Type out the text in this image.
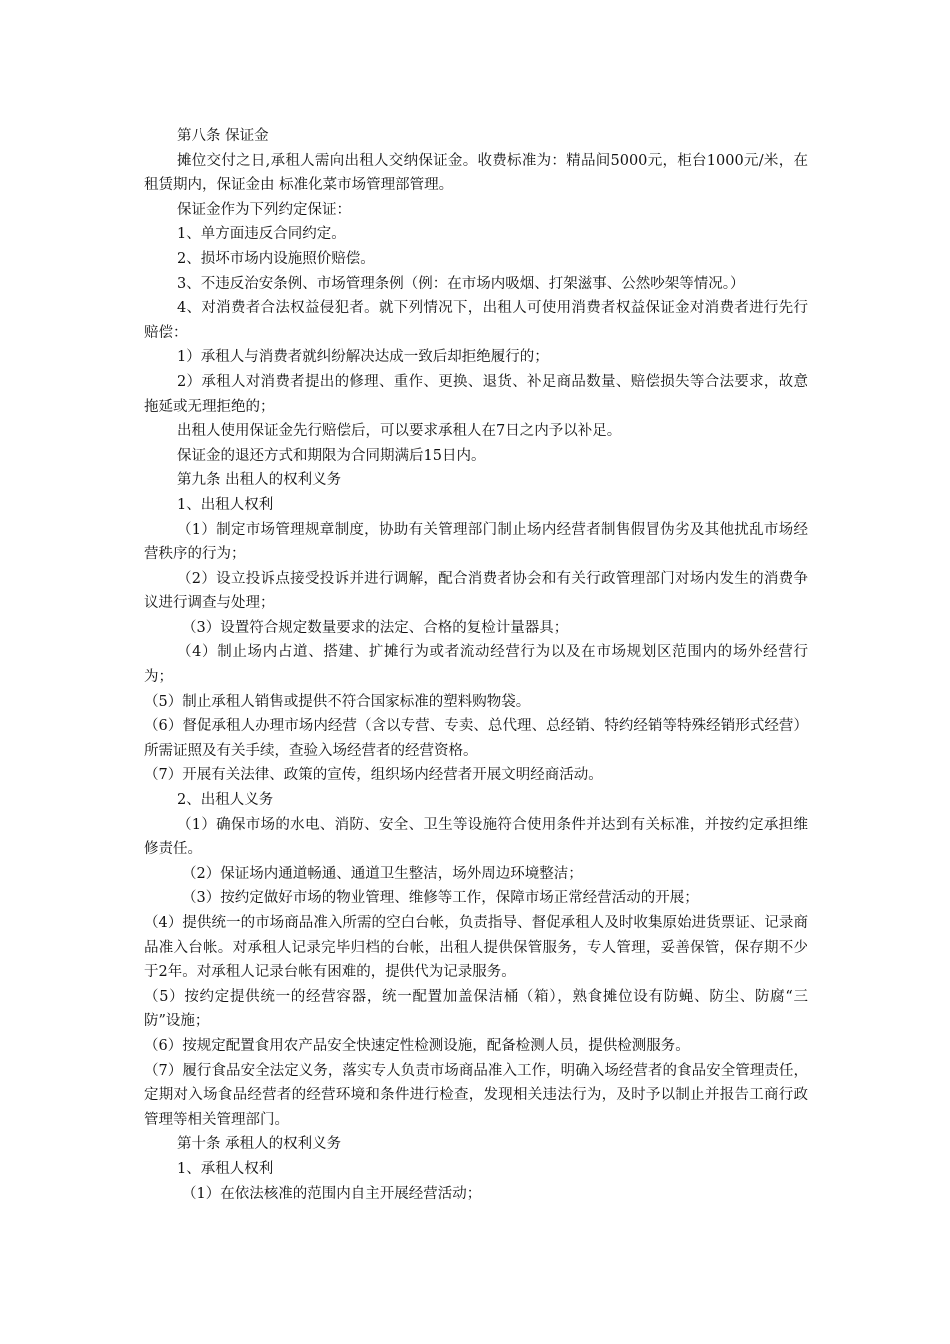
第八条 保证金

摊位交付之日,承租人需向出租人交纳保证金。收费标准为：精品间5000元，柜台1000元/米，在租赁期内，保证金由 标准化菜市场管理部管理。

保证金作为下列约定保证：

1、单方面违反合同约定。

2、损坏市场内设施照价赔偿。

3、不违反治安条例、市场管理条例（例：在市场内吸烟、打架滋事、公然吵架等情况。）

4、对消费者合法权益侵犯者。就下列情况下，出租人可使用消费者权益保证金对消费者进行先行赔偿：

1）承租人与消费者就纠纷解决达成一致后却拒绝履行的；

2）承租人对消费者提出的修理、重作、更换、退货、补足商品数量、赔偿损失等合法要求，故意拖延或无理拒绝的；

出租人使用保证金先行赔偿后，可以要求承租人在7日之内予以补足。

保证金的退还方式和期限为合同期满后15日内。

第九条 出租人的权利义务

1、出租人权利

（1）制定市场管理规章制度，协助有关管理部门制止场内经营者制售假冒伪劣及其他扰乱市场经营秩序的行为；

（2）设立投诉点接受投诉并进行调解，配合消费者协会和有关行政管理部门对场内发生的消费争议进行调查与处理；

（3）设置符合规定数量要求的法定、合格的复检计量器具；

（4）制止场内占道、搭建、扩摊行为或者流动经营行为以及在市场规划区范围内的场外经营行为；

（5）制止承租人销售或提供不符合国家标准的塑料购物袋。

（6）督促承租人办理市场内经营（含以专营、专卖、总代理、总经销、特约经销等特殊经销形式经营）所需证照及有关手续，查验入场经营者的经营资格。

（7）开展有关法律、政策的宣传，组织场内经营者开展文明经商活动。

2、出租人义务

（1）确保市场的水电、消防、安全、卫生等设施符合使用条件并达到有关标准，并按约定承担维修责任。

（2）保证场内通道畅通、通道卫生整洁，场外周边环境整洁；

（3）按约定做好市场的物业管理、维修等工作，保障市场正常经营活动的开展；

（4）提供统一的市场商品准入所需的空白台帐，负责指导、督促承租人及时收集原始进货票证、记录商品准入台帐。对承租人记录完毕归档的台帐，出租人提供保管服务，专人管理，妥善保管，保存期不少于2年。对承租人记录台帐有困难的，提供代为记录服务。

（5）按约定提供统一的经营容器，统一配置加盖保洁桶（箱），熟食摊位设有防蝇、防尘、防腐“三防”设施；

（6）按规定配置食用农产品安全快速定性检测设施，配备检测人员，提供检测服务。

（7）履行食品安全法定义务，落实专人负责市场商品准入工作，明确入场经营者的食品安全管理责任，定期对入场食品经营者的经营环境和条件进行检查，发现相关违法行为，及时予以制止并报告工商行政管理等相关管理部门。

第十条 承租人的权利义务

1、承租人权利

（1）在依法核准的范围内自主开展经营活动；
